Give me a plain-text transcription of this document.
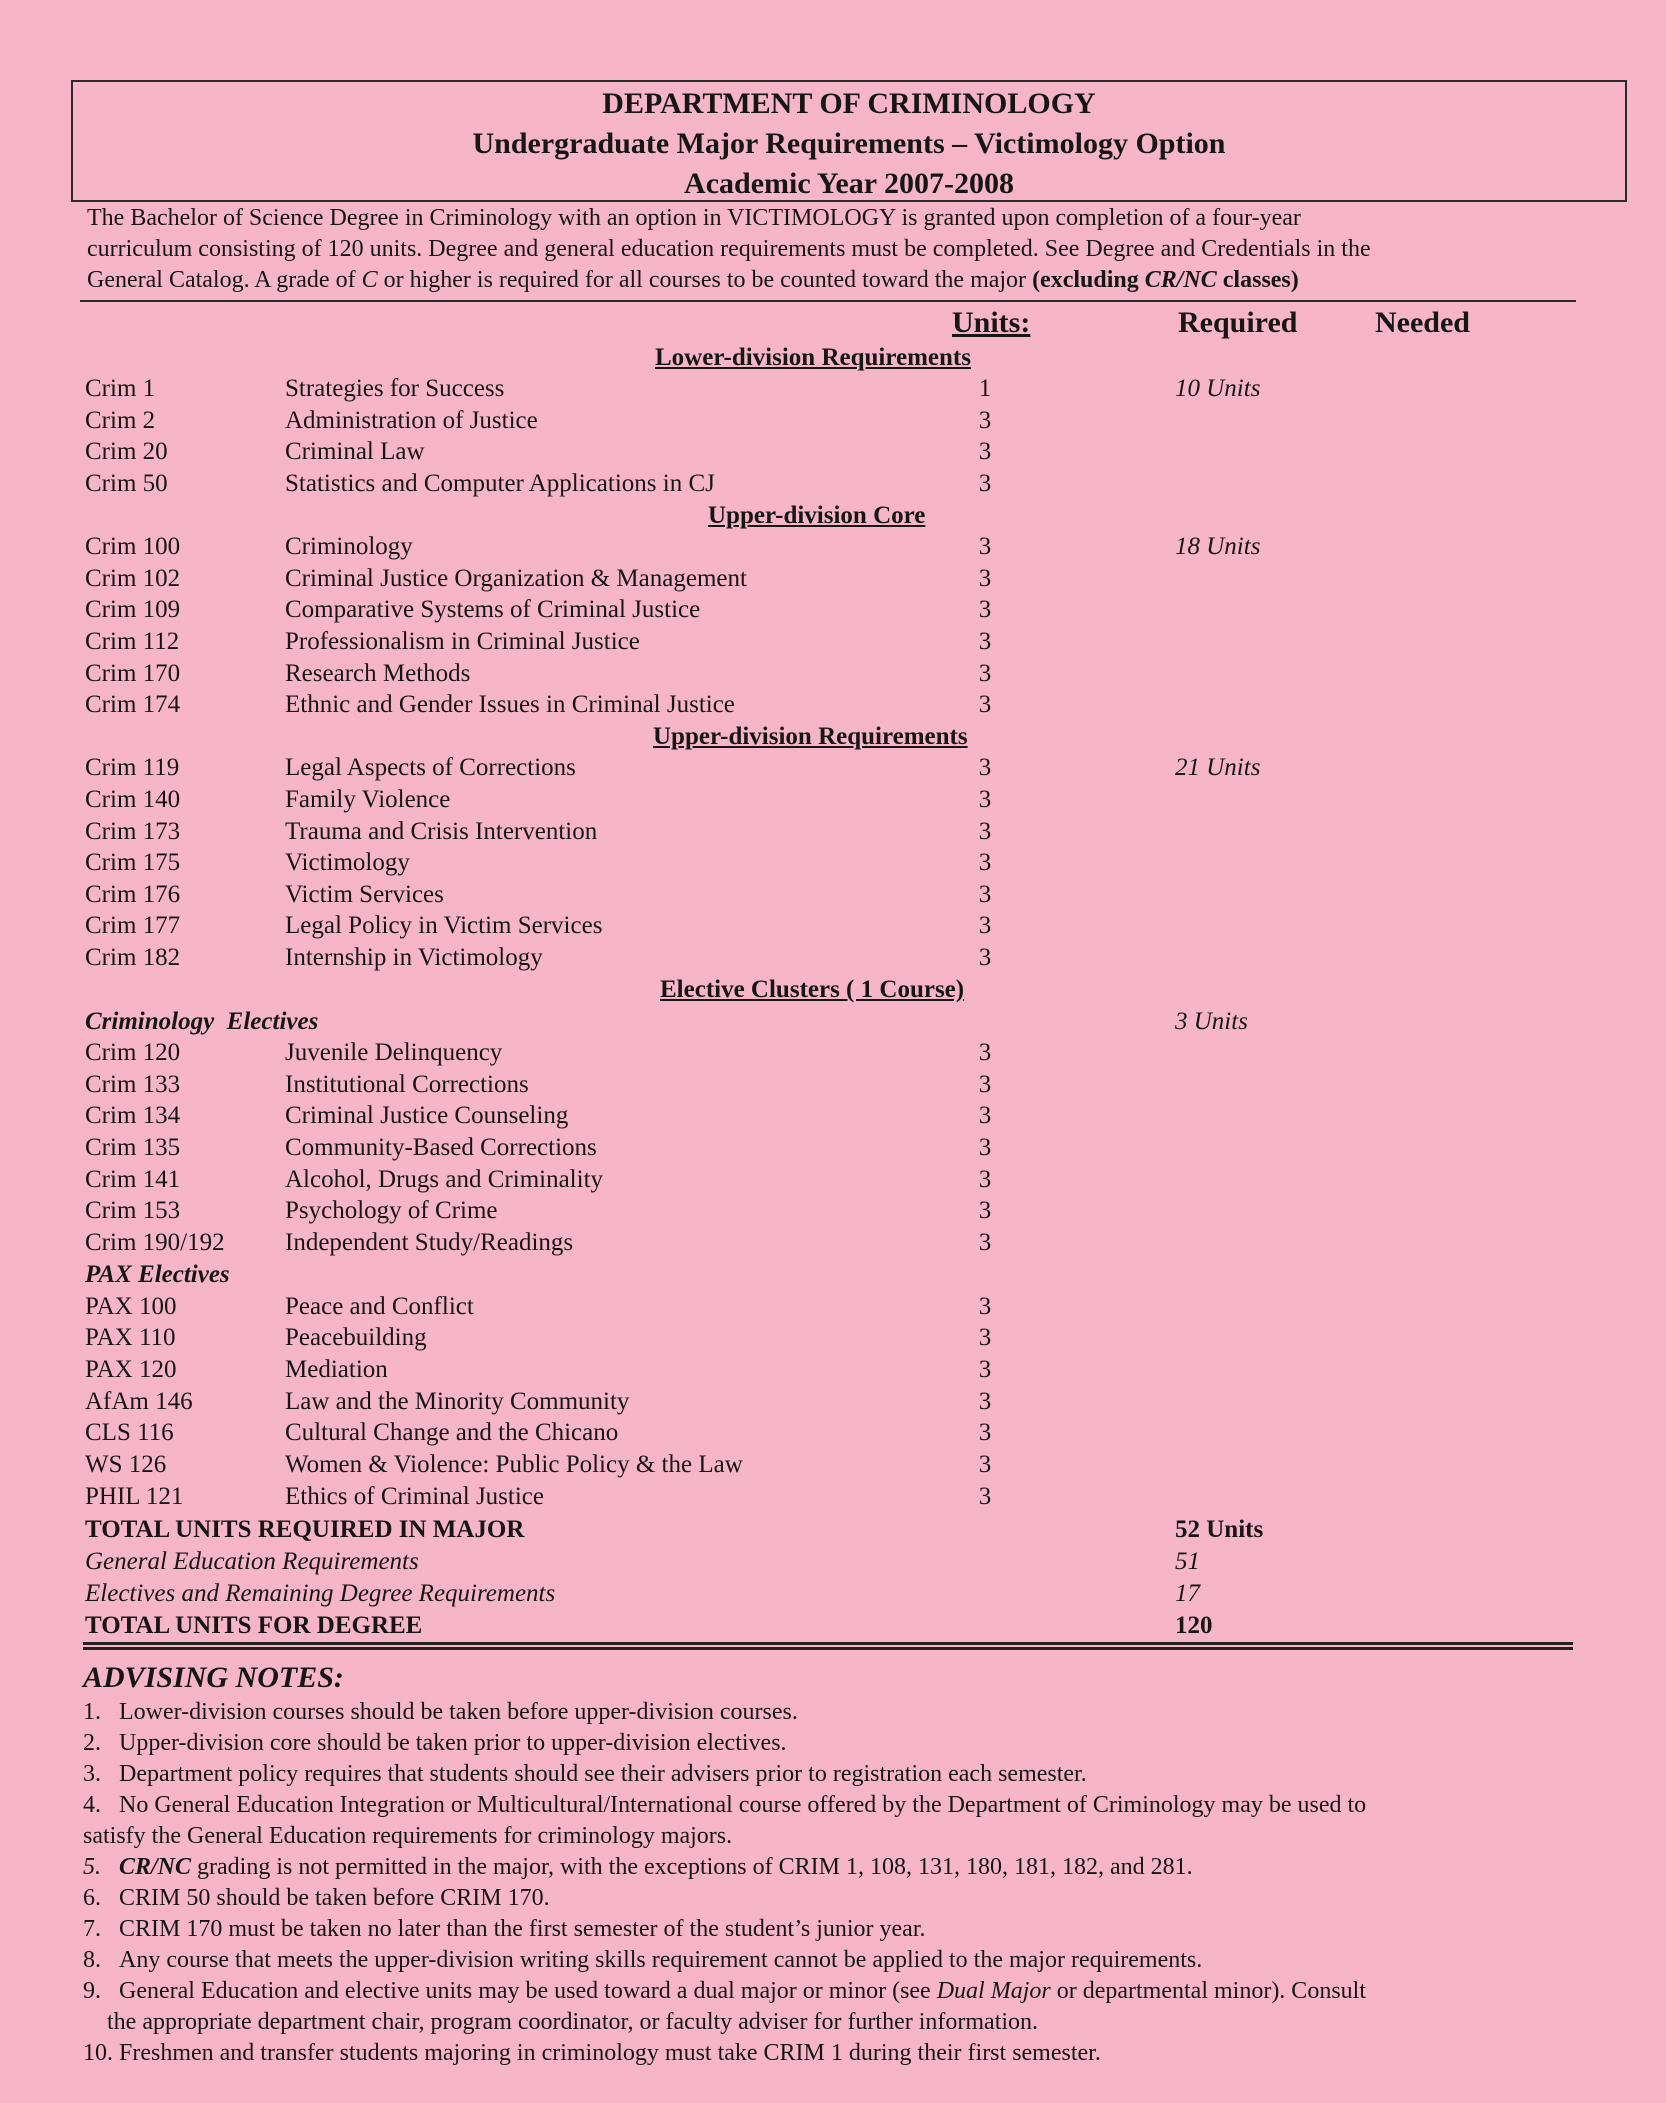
DEPARTMENT OF CRIMINOLOGY
Undergraduate Major Requirements – Victimology Option
Academic Year 2007-2008
The Bachelor of Science Degree in Criminology with an option in VICTIMOLOGY is granted upon completion of a four-year
curriculum consisting of 120 units. Degree and general education requirements must be completed. See Degree and Credentials in the
General Catalog. A grade of C or higher is required for all courses to be counted toward the major (excluding CR/NC classes)
Units:	Required	Needed
Lower-division Requirements
Crim 1	Strategies for Success	1	10 Units
Crim 2	Administration of Justice	3
Crim 20	Criminal Law	3
Crim 50	Statistics and Computer Applications in CJ	3
Upper-division Core
Crim 100	Criminology	3	18 Units
Crim 102	Criminal Justice Organization & Management	3
Crim 109	Comparative Systems of Criminal Justice	3
Crim 112	Professionalism in Criminal Justice	3
Crim 170	Research Methods	3
Crim 174	Ethnic and Gender Issues in Criminal Justice	3
Upper-division Requirements
Crim 119	Legal Aspects of Corrections	3	21 Units
Crim 140	Family Violence	3
Crim 173	Trauma and Crisis Intervention	3
Crim 175	Victimology	3
Crim 176	Victim Services	3
Crim 177	Legal Policy in Victim Services	3
Crim 182	Internship in Victimology	3
Elective Clusters ( 1 Course)
Criminology  Electives	3 Units
Crim 120	Juvenile Delinquency	3
Crim 133	Institutional Corrections	3
Crim 134	Criminal Justice Counseling	3
Crim 135	Community-Based Corrections	3
Crim 141	Alcohol, Drugs and Criminality	3
Crim 153	Psychology of Crime	3
Crim 190/192 Independent Study/Readings	3
PAX Electives
PAX 100	Peace and Conflict	3
PAX 110	Peacebuilding	3
PAX 120	Mediation	3
AfAm 146	Law and the Minority Community	3
CLS 116	Cultural Change and the Chicano	3
WS 126	Women & Violence: Public Policy & the Law	3
PHIL 121	Ethics of Criminal Justice	3
TOTAL UNITS REQUIRED IN MAJOR	52 Units
General Education Requirements	51
Electives and Remaining Degree Requirements	17
TOTAL UNITS FOR DEGREE	120
ADVISING NOTES:
1. Lower-division courses should be taken before upper-division courses.
2. Upper-division core should be taken prior to upper-division electives.
3. Department policy requires that students should see their advisers prior to registration each semester.
4. No General Education Integration or Multicultural/International course offered by the Department of Criminology may be used to
satisfy the General Education requirements for criminology majors.
5. CR/NC grading is not permitted in the major, with the exceptions of CRIM 1, 108, 131, 180, 181, 182, and 281.
6. CRIM 50 should be taken before CRIM 170.
7. CRIM 170 must be taken no later than the first semester of the student’s junior year.
8. Any course that meets the upper-division writing skills requirement cannot be applied to the major requirements.
9. General Education and elective units may be used toward a dual major or minor (see Dual Major or departmental minor). Consult
the appropriate department chair, program coordinator, or faculty adviser for further information.
10. Freshmen and transfer students majoring in criminology must take CRIM 1 during their first semester.
